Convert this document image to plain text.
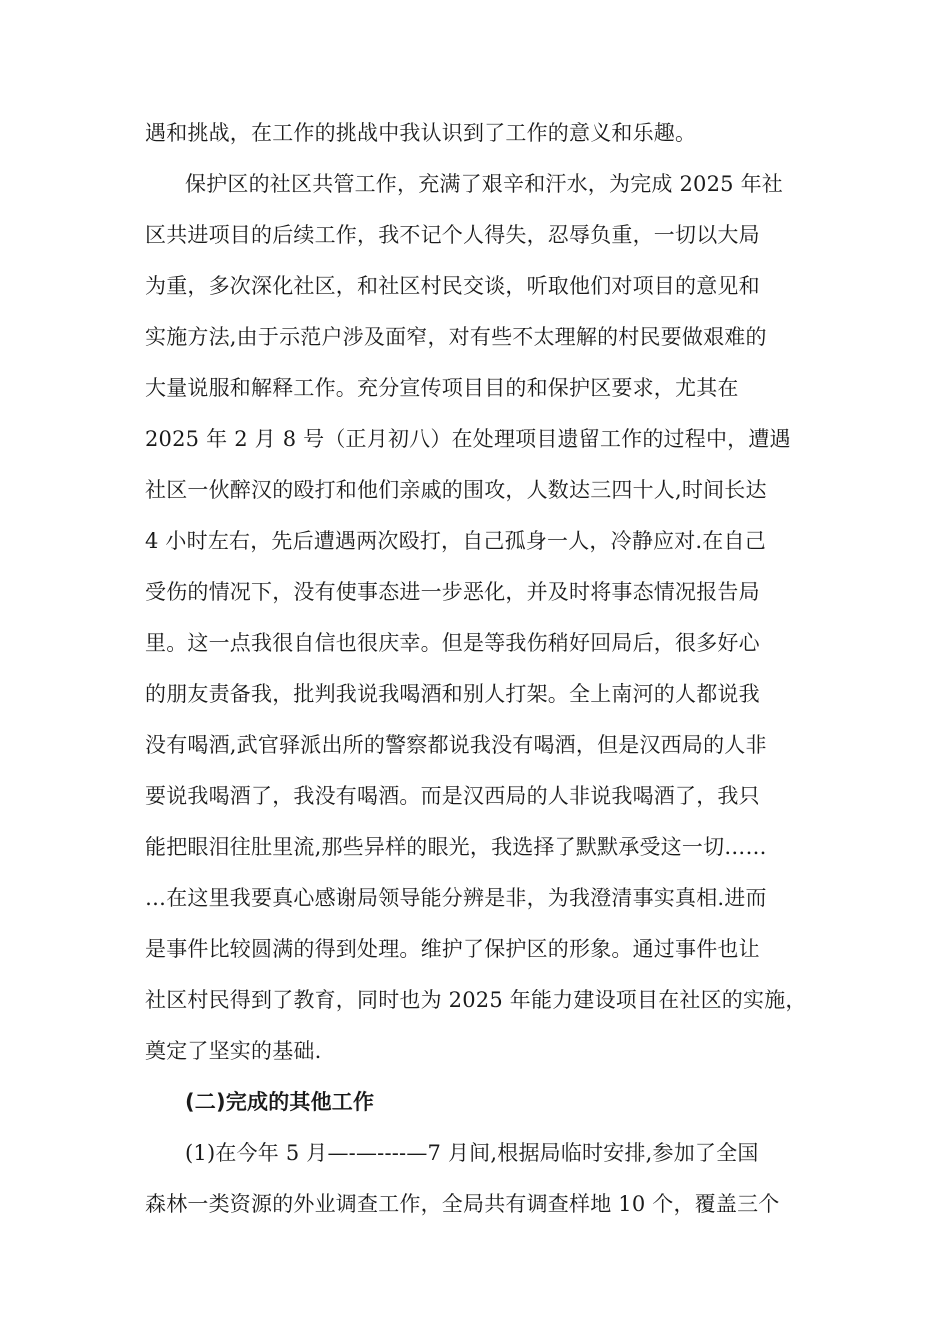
遇和挑战，在工作的挑战中我认识到了工作的意义和乐趣。
保护区的社区共管工作，充满了艰辛和汗水，为完成 2025 年社
区共进项目的后续工作，我不记个人得失，忍辱负重，一切以大局
为重，多次深化社区，和社区村民交谈，听取他们对项目的意见和
实施方法,由于示范户涉及面窄，对有些不太理解的村民要做艰难的
大量说服和解释工作。充分宣传项目目的和保护区要求，尤其在
2025 年 2 月 8 号（正月初八）在处理项目遗留工作的过程中，遭遇
社区一伙醉汉的殴打和他们亲戚的围攻，人数达三四十人,时间长达
4 小时左右，先后遭遇两次殴打，自己孤身一人，冷静应对.在自己
受伤的情况下，没有使事态进一步恶化，并及时将事态情况报告局
里。这一点我很自信也很庆幸。但是等我伤稍好回局后，很多好心
的朋友责备我，批判我说我喝酒和别人打架。全上南河的人都说我
没有喝酒,武官驿派出所的警察都说我没有喝酒，但是汉西局的人非
要说我喝酒了，我没有喝酒。而是汉西局的人非说我喝酒了，我只
能把眼泪往肚里流,那些异样的眼光，我选择了默默承受这一切……
…在这里我要真心感谢局领导能分辨是非，为我澄清事实真相.进而
是事件比较圆满的得到处理。维护了保护区的形象。通过事件也让
社区村民得到了教育，同时也为 2025 年能力建设项目在社区的实施，
奠定了坚实的基础.
(二)完成的其他工作
(1)在今年 5 月—-—----—7 月间,根据局临时安排,参加了全国
森林一类资源的外业调查工作，全局共有调查样地 10 个，覆盖三个
